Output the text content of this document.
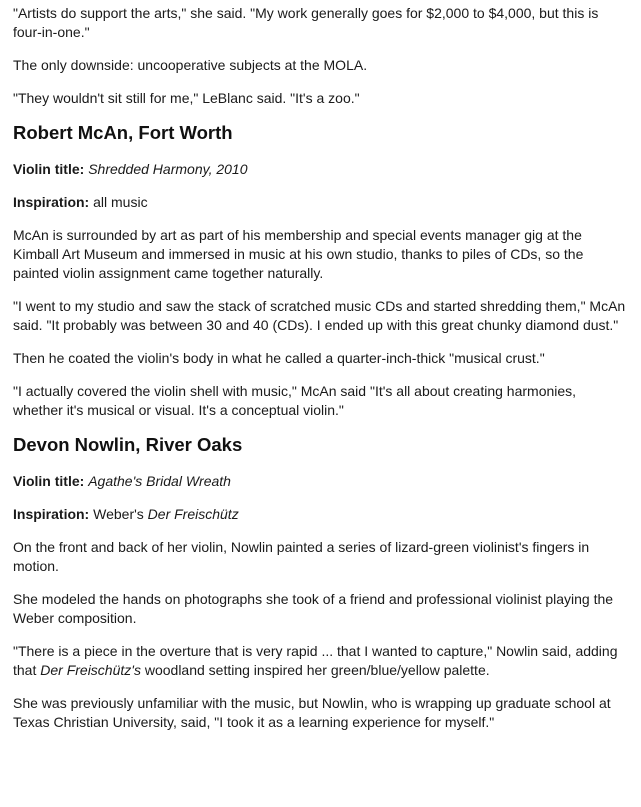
"Artists do support the arts," she said. "My work generally goes for $2,000 to $4,000, but this is four-in-one."

The only downside: uncooperative subjects at the MOLA.

"They wouldn't sit still for me," LeBlanc said. "It's a zoo."

Robert McAn, Fort Worth

Violin title: Shredded Harmony, 2010

Inspiration: all music

McAn is surrounded by art as part of his membership and special events manager gig at the Kimball Art Museum and immersed in music at his own studio, thanks to piles of CDs, so the painted violin assignment came together naturally.

"I went to my studio and saw the stack of scratched music CDs and started shredding them," McAn said. "It probably was between 30 and 40 (CDs). I ended up with this great chunky diamond dust."

Then he coated the violin's body in what he called a quarter-inch-thick "musical crust."

"I actually covered the violin shell with music," McAn said "It's all about creating harmonies, whether it's musical or visual. It's a conceptual violin."

Devon Nowlin, River Oaks

Violin title: Agathe's Bridal Wreath

Inspiration: Weber's Der Freischütz

On the front and back of her violin, Nowlin painted a series of lizard-green violinist's fingers in motion.

She modeled the hands on photographs she took of a friend and professional violinist playing the Weber composition.

"There is a piece in the overture that is very rapid ... that I wanted to capture," Nowlin said, adding that Der Freischütz's woodland setting inspired her green/blue/yellow palette.

She was previously unfamiliar with the music, but Nowlin, who is wrapping up graduate school at Texas Christian University, said, "I took it as a learning experience for myself."
